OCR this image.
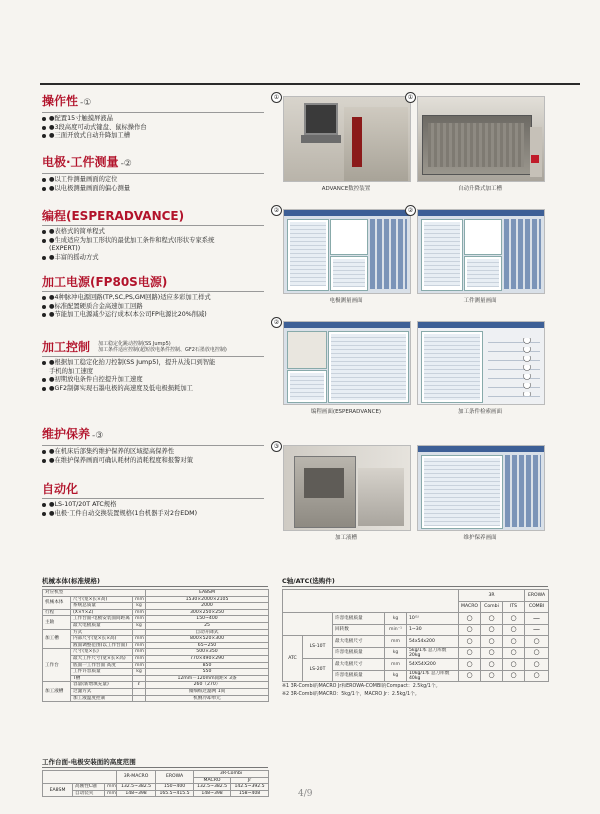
操作性 -①
●配置15寸触摸屏液晶
●3段高度可动式键盘、鼠标操作台
●三面开放式自动升降加工槽
电极·工件测量 -②
●以工件测量画面的定位
●以电极测量画面的偏心测量
编程(ESPERADVANCE)
●表格式的简单程式
●生成适应为加工形状的最优加工条件和程式(形状专家系统
(EXPERT))
●丰富的摇动方式
加工电源(FP80S电源)
●4种脉冲电源回路(TP,SC,PS,GM回路)适应多彩加工样式
●标准配置硬质合金高速加工回路
●节能加工电源减少运行成本(本公司FP电源比20%削减)
加工控制
●根据加工稳定化抬刀控制(SS Jump5)，提升从浅口到智能
手机的加工速度
●初期放电条件自控提升加工速度
●GF2制御实现石墨电极的高速度及低电极损耗加工
加工稳定化跳动控制(SS Jump5)
加工条件适应控制(超短放电条件控制、GF2石墨放电控制)
维护保养 -③
●在机床后部集约维护保养的区域提高保养性
●在维护保养画面可确认耗材的消耗程度和报警对策
自动化
●LS-10T/20T ATC规格
●电极·工件自动交换装置规格(1台机器手对2台EDM)
①
ADVANCE数控装置
①
自动升降式加工槽
②
电极测量画面
②
工件测量画面
②
编程画面(ESPERADVANCE)	加工条件检索画面
③
加工液槽	维护保养画面
机械本体(标准规格)
对应机型			EA8SM
机械本体	尺寸(宽×长×高)	mm	1530×2000×2105
	系统总质量	kg	2000
行程	(X×Y×Z)	mm	300×250×250
主轴	工作台面-电极安装面间距离	mm	150~400
	最大电极质量	kg	25
加工槽	方式		自动升降式
	内部尺寸(宽×长×高)	mm	800×520×300
	液面调整范围(以工作台面)	mm	65~250
工作台	尺寸(宽×长)	mm	500×350
	最大工件尺寸(宽×长×高)	mm	770×490×290
	底面一工作台面 高度	mm	850
	工件许容质量	kg	550
	T槽		12mm－120mm间距× 3条
加工液槽	容量(新增填充量)	ℓ	260（270）
	过滤方式		微细纸过滤网 1筒
	加工液温度控制		机侧冷却单元
工作台面-电极安装面的高度范围
			3R-MACRO	EROWA	3R-Combi	
					MACRO	Jr
EA8SM	高刚性C轴	mm	132.5~382.5	150~400	132.5~382.5	142.5~392.5
	自动装夹	mm	148~398	165.5~415.5	148~398	158~408
C轴/ATC(选购件)
					3R			EROWA
					MACRO	Combi	ITS	COMBI
		许容电极质量	kg	10⁽¹⁾	○	○	○	—
		回转数	min⁻¹	1~30	○	○	○	—
ATC	LS-10T	最大电极尺寸	mm	54x54x200	○	○	○	○
		许容电极质量	kg	5kg/1本 总刀库数20kg	○	○	○	○
	LS-20T	最大电极尺寸	mm	54X54X200	○	○	○	○
		许容电极质量	kg	10kg/1本 总刀库数40kg	○	○	○	○
※1 3R-Combi的MACRO Jr和EROWA-COMBI的Compact：2.5kg/1个。
※2 3R-Combi的MACRO：5kg/1个，MACRO Jr：2.5kg/1个。
4/9
